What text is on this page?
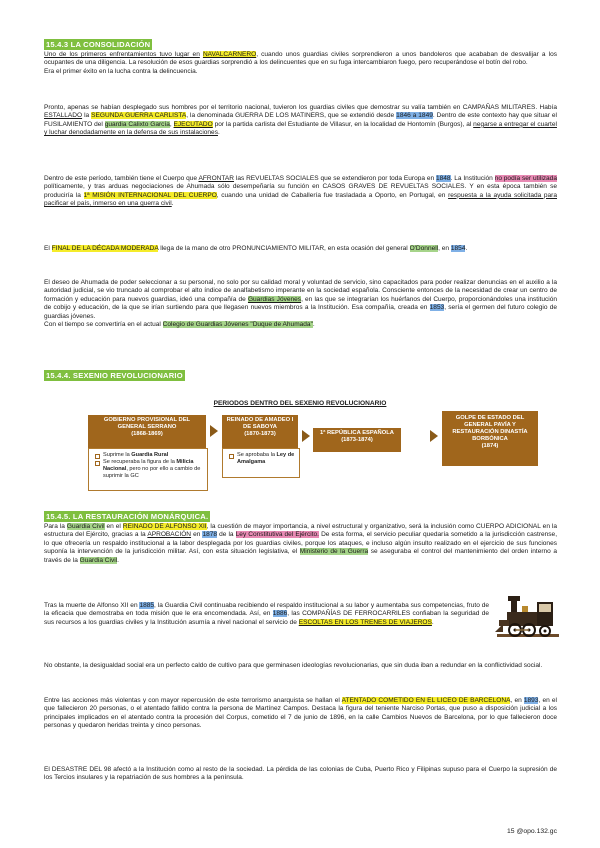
15.4.3 LA CONSOLIDACIÓN

Uno de los primeros enfrentamientos tuvo lugar en NAVALCARNERO, cuando unos guardias civiles sorprendieron a unos bandoleros que acababan de desvalijar a los ocupantes de una diligencia. La resolución de esos guardias sorprendió a los delincuentes que en su fuga intercambiaron fuego, pero recuperándose el botín del robo.

Era el primer éxito en la lucha contra la delincuencia.

Pronto, apenas se habían desplegado sus hombres por el territorio nacional, tuvieron los guardias civiles que demostrar su valía también en CAMPAÑAS MILITARES. Había ESTALLADO la SEGUNDA GUERRA CARLISTA, la denominada GUERRA DE LOS MATINERS, que se extendió desde 1846 a 1849. Dentro de este contexto hay que situar el FUSILAMIENTO del guardia Calixto García, EJECUTADO por la partida carlista del Estudiante de Villasur, en la localidad de Hontomín (Burgos), al negarse a entregar el cuartel y luchar denodadamente en la defensa de sus instalaciones.

Dentro de este período, también tiene el Cuerpo que AFRONTAR las REVUELTAS SOCIALES que se extendieron por toda Europa en 1848. La Institución no podía ser utilizada políticamente, y tras arduas negociaciones de Ahumada sólo desempeñaría su función en CASOS GRAVES DE REVUELTAS SOCIALES. Y en esta época también se produciría la 1ª MISIÓN INTERNACIONAL DEL CUERPO, cuando una unidad de Caballería fue trasladada a Oporto, en Portugal, en respuesta a la ayuda solicitada para pacificar el país, inmerso en una guerra civil.

El FINAL DE LA DÉCADA MODERADA llega de la mano de otro PRONUNCIAMIENTO MILITAR, en esta ocasión del general O'Donnell, en 1854.

El deseo de Ahumada de poder seleccionar a su personal, no solo por su calidad moral y voluntad de servicio, sino capacitados para poder realizar denuncias en el auxilio a la autoridad judicial, se vio truncado al comprobar el alto índice de analfabetismo imperante en la sociedad española. Consciente entonces de la necesidad de crear un centro de formación y educación para nuevos guardias, ideó una compañía de Guardias Jóvenes, en las que se integrarían los huérfanos del Cuerpo, proporcionándoles una institución de cobijo y educación, de la que se irían surtiendo para que llegasen nuevos miembros a la Institución. Esa compañía, creada en 1853, sería el germen del futuro colegio de guardias jóvenes.

Con el tiempo se convertiría en el actual Colegio de Guardias Jóvenes "Duque de Ahumada".

15.4.4. SEXENIO REVOLUCIONARIO
PERIODOS DENTRO DEL SEXENIO REVOLUCIONARIO
GOBIERNO PROVISIONAL DEL GENERAL SERRANO
(1868-1869)
Suprime la Guardia Rural
Se recuperaba la figura de la Milicia Nacional, pero no por ello a cambio de suprimir la GC
REINADO DE AMADEO I DE SABOYA
(1870-1873)
Se aprobaba la Ley de Amalgama
1ª REPÚBLICA ESPAÑOLA
(1873-1874)
GOLPE DE ESTADO DEL GENERAL PAVÍA Y RESTAURACIÓN DINASTÍA BORBÓNICA
(1874)
15.4.5. LA RESTAURACIÓN MONÁRQUICA.

Para la Guardia Civil en el REINADO DE ALFONSO XII, la cuestión de mayor importancia, a nivel estructural y organizativo, será la inclusión como CUERPO ADICIONAL en la estructura del Ejército, gracias a la APROBACIÓN en 1878 de la Ley Constitutiva del Ejército. De esta forma, el servicio peculiar quedaría sometido a la jurisdicción castrense, lo que ofrecería un respaldo institucional a la labor desplegada por los guardias civiles, porque los ataques, e incluso algún insulto realizado en el ejercicio de sus funciones suponía la intervención de la jurisdicción militar. Así, con esta situación legislativa, el Ministerio de la Guerra se aseguraba el control del mantenimiento del orden interno a través de la Guardia Civil.

Tras la muerte de Alfonso XII en 1885, la Guardia Civil continuaba recibiendo el respaldo institucional a su labor y aumentaba sus competencias, fruto de la eficacia que demostraba en toda misión que le era encomendada. Así, en 1886, las COMPAÑÍAS DE FERROCARRILES confiaban la seguridad de sus recursos a los guardias civiles y la Institución asumía a nivel nacional el servicio de ESCOLTAS EN LOS TRENES DE VIAJEROS.

No obstante, la desigualdad social era un perfecto caldo de cultivo para que germinasen ideologías revolucionarias, que sin duda iban a redundar en la conflictividad social.

Entre las acciones más violentas y con mayor repercusión de este terrorismo anarquista se hallan el ATENTADO COMETIDO EN EL LICEO DE BARCELONA, en 1893, en el que fallecieron 20 personas, o el atentado fallido contra la persona de Martínez Campos. Destaca la figura del teniente Narciso Portas, que puso a disposición judicial a los principales implicados en el atentado contra la procesión del Corpus, cometido el 7 de junio de 1896, en la calle Cambios Nuevos de Barcelona, por lo que fallecieron doce personas y quedaron heridas treinta y cinco personas.

El DESASTRE DEL 98 afectó a la Institución como al resto de la sociedad. La pérdida de las colonias de Cuba, Puerto Rico y Filipinas supuso para el Cuerpo la supresión de los Tercios insulares y la repatriación de sus hombres a la península.

15 @opo.132.gc
